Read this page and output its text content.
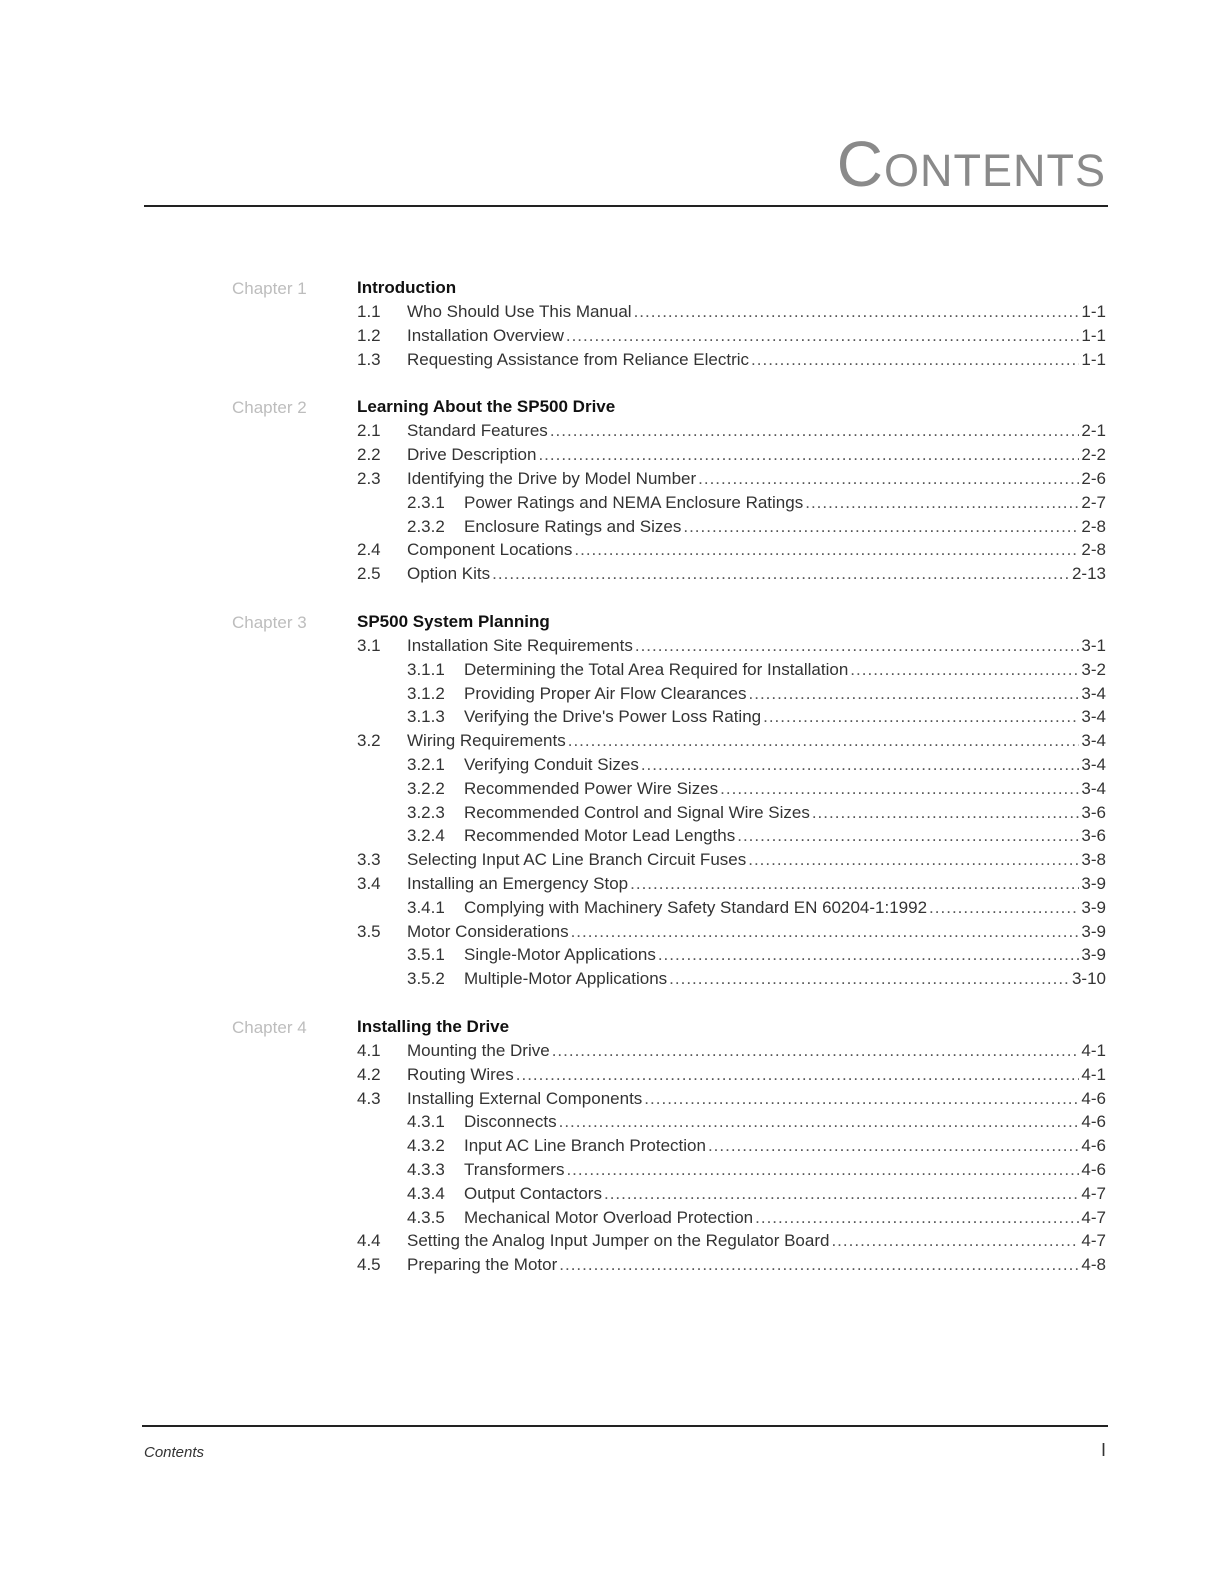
Contents
Chapter 1	Introduction
1.1	Who Should Use This Manual .....	1-1
1.2	Installation Overview .....	1-1
1.3	Requesting Assistance from Reliance Electric .....	1-1
Chapter 2	Learning About the SP500 Drive
2.1	Standard Features .....	2-1
2.2	Drive Description .....	2-2
2.3	Identifying the Drive by Model Number .....	2-6
2.3.1	Power Ratings and NEMA Enclosure Ratings .....	2-7
2.3.2	Enclosure Ratings and Sizes .....	2-8
2.4	Component Locations .....	2-8
2.5	Option Kits .....	2-13
Chapter 3	SP500 System Planning
3.1	Installation Site Requirements .....	3-1
3.1.1	Determining the Total Area Required for Installation .....	3-2
3.1.2	Providing Proper Air Flow Clearances .....	3-4
3.1.3	Verifying the Drive's Power Loss Rating .....	3-4
3.2	Wiring Requirements .....	3-4
3.2.1	Verifying Conduit Sizes .....	3-4
3.2.2	Recommended Power Wire Sizes .....	3-4
3.2.3	Recommended Control and Signal Wire Sizes .....	3-6
3.2.4	Recommended Motor Lead Lengths .....	3-6
3.3	Selecting Input AC Line Branch Circuit Fuses .....	3-8
3.4	Installing an Emergency Stop .....	3-9
3.4.1	Complying with Machinery Safety Standard EN 60204-1:1992 .....	3-9
3.5	Motor Considerations .....	3-9
3.5.1	Single-Motor Applications .....	3-9
3.5.2	Multiple-Motor Applications .....	3-10
Chapter 4	Installing the Drive
4.1	Mounting the Drive .....	4-1
4.2	Routing Wires .....	4-1
4.3	Installing External Components .....	4-6
4.3.1	Disconnects .....	4-6
4.3.2	Input AC Line Branch Protection .....	4-6
4.3.3	Transformers .....	4-6
4.3.4	Output Contactors .....	4-7
4.3.5	Mechanical Motor Overload Protection .....	4-7
4.4	Setting the Analog Input Jumper on the Regulator Board .....	4-7
4.5	Preparing the Motor .....	4-8
Contents	I
